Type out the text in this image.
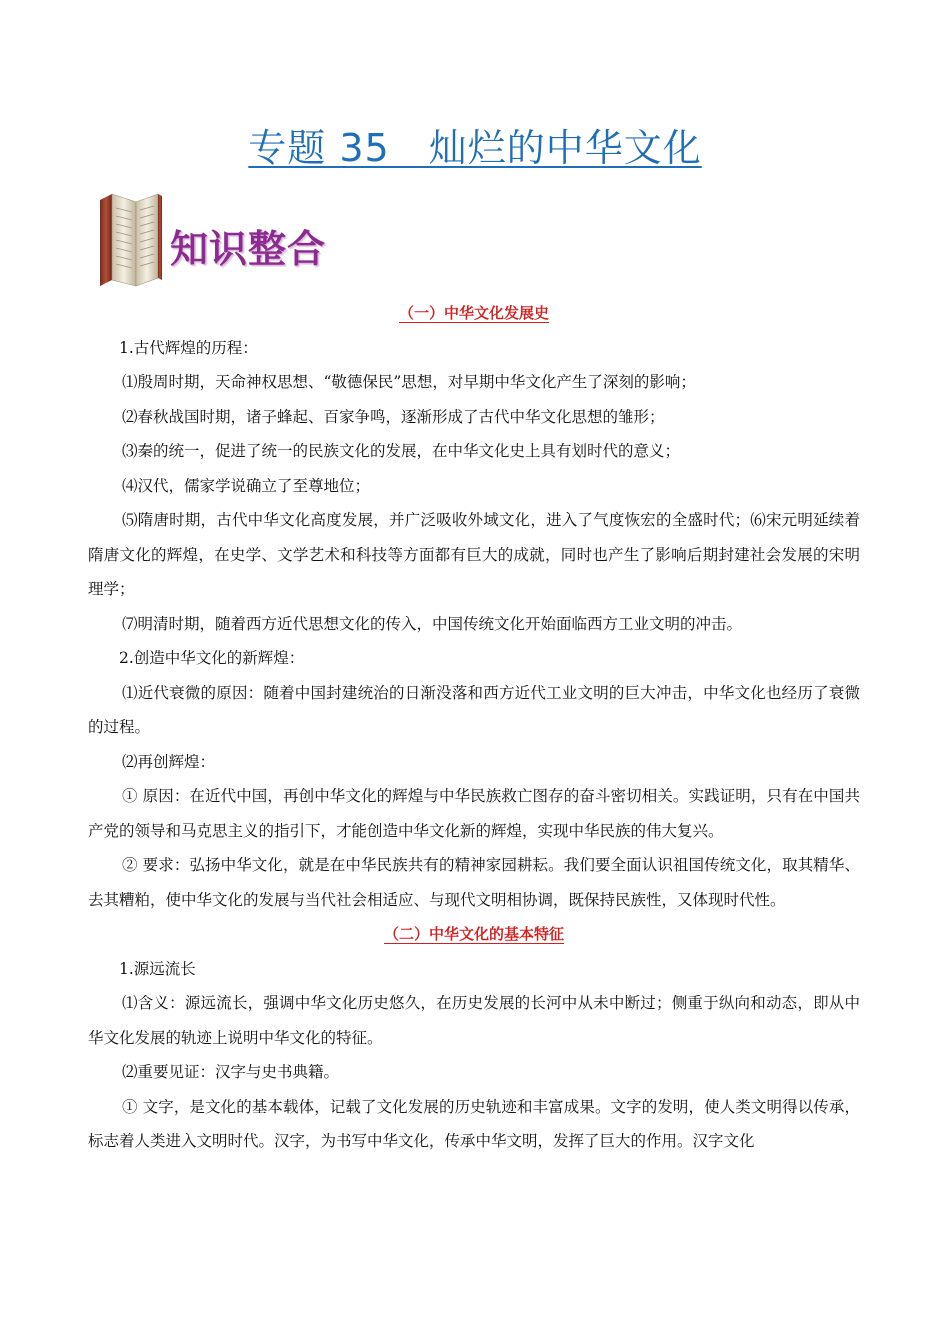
专题 35　灿烂的中华文化
知识整合
（一）中华文化发展史

1.古代辉煌的历程：

⑴殷周时期，天命神权思想、“敬德保民”思想，对早期中华文化产生了深刻的影响；

⑵春秋战国时期，诸子蜂起、百家争鸣，逐渐形成了古代中华文化思想的雏形；

⑶秦的统一，促进了统一的民族文化的发展，在中华文化史上具有划时代的意义；

⑷汉代，儒家学说确立了至尊地位；

⑸隋唐时期，古代中华文化高度发展，并广泛吸收外域文化，进入了气度恢宏的全盛时代；⑹宋元明延续着隋唐文化的辉煌，在史学、文学艺术和科技等方面都有巨大的成就，同时也产生了影响后期封建社会发展的宋明理学；

⑺明清时期，随着西方近代思想文化的传入，中国传统文化开始面临西方工业文明的冲击。

2.创造中华文化的新辉煌：

⑴近代衰微的原因：随着中国封建统治的日渐没落和西方近代工业文明的巨大冲击，中华文化也经历了衰微的过程。

⑵再创辉煌：

① 原因：在近代中国，再创中华文化的辉煌与中华民族救亡图存的奋斗密切相关。实践证明，只有在中国共产党的领导和马克思主义的指引下，才能创造中华文化新的辉煌，实现中华民族的伟大复兴。

② 要求：弘扬中华文化，就是在中华民族共有的精神家园耕耘。我们要全面认识祖国传统文化，取其精华、去其糟粕，使中华文化的发展与当代社会相适应、与现代文明相协调，既保持民族性，又体现时代性。

（二）中华文化的基本特征

1.源远流长

⑴含义：源远流长，强调中华文化历史悠久，在历史发展的长河中从未中断过；侧重于纵向和动态，即从中华文化发展的轨迹上说明中华文化的特征。

⑵重要见证：汉字与史书典籍。

① 文字，是文化的基本载体，记载了文化发展的历史轨迹和丰富成果。文字的发明，使人类文明得以传承，标志着人类进入文明时代。汉字，为书写中华文化，传承中华文明，发挥了巨大的作用。汉字文化
